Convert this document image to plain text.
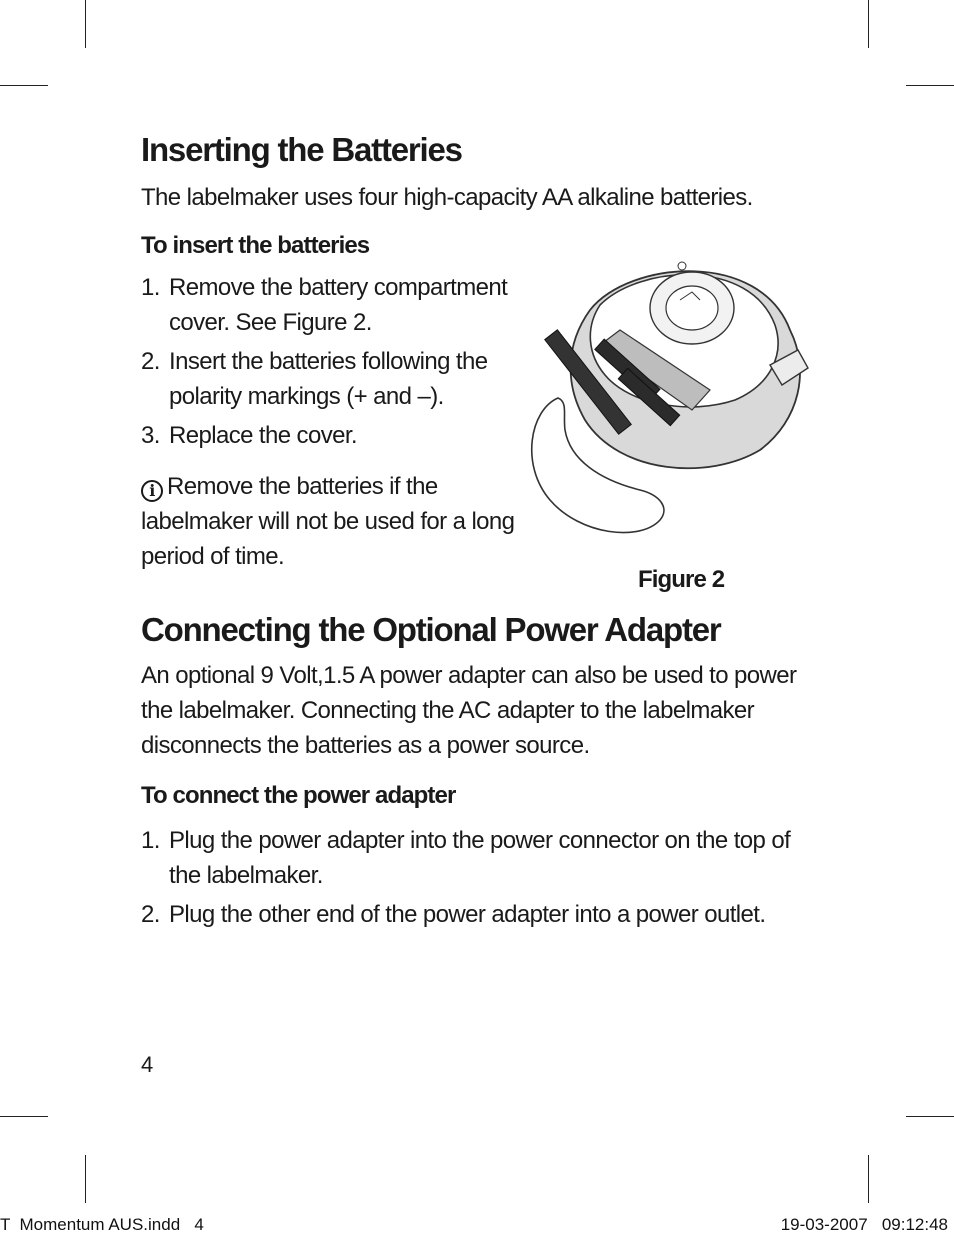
Inserting the Batteries

The labelmaker uses four high-capacity AA alkaline batteries.

To insert the batteries
1. Remove the battery compartment cover. See Figure 2.
2. Insert the batteries following the polarity markings (+ and –).
3. Replace the cover.

i Remove the batteries if the labelmaker will not be used for a long period of time.

Connecting the Optional Power Adapter

An optional 9 Volt,1.5 A power adapter can also be used to power the labelmaker. Connecting the AC adapter to the labelmaker disconnects the batteries as a power source.

To connect the power adapter
1. Plug the power adapter into the power connector on the top of the labelmaker.
2. Plug the other end of the power adapter into a power outlet.
Figure 2
4
T  Momentum AUS.indd   4	19-03-2007   09:12:48
